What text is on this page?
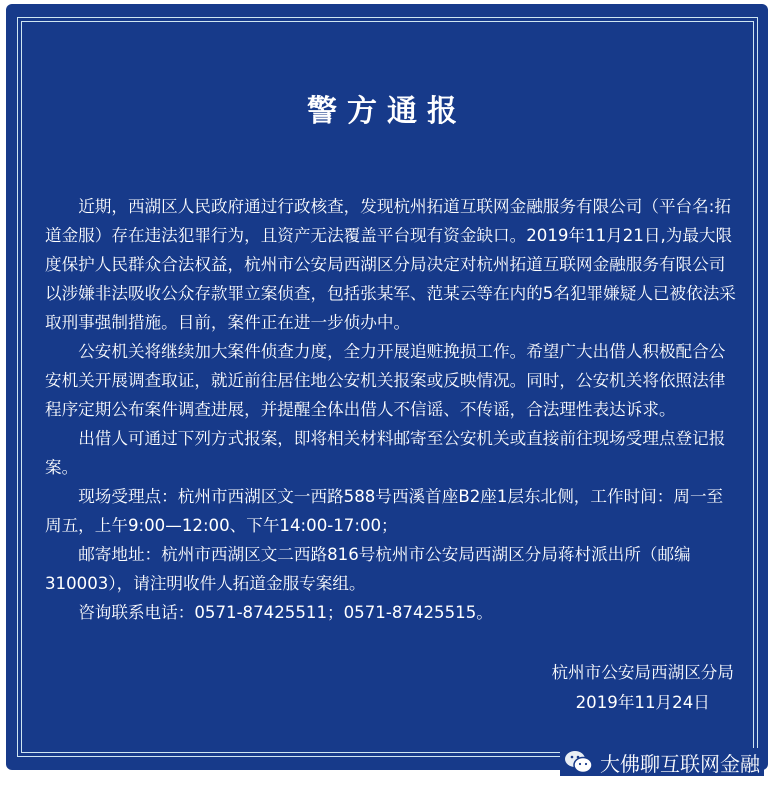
警方通报

近期，西湖区人民政府通过行政核查，发现杭州拓道互联网金融服务有限公司（平台名:拓道金服）存在违法犯罪行为，且资产无法覆盖平台现有资金缺口。2019年11月21日,为最大限度保护人民群众合法权益，杭州市公安局西湖区分局决定对杭州拓道互联网金融服务有限公司以涉嫌非法吸收公众存款罪立案侦查，包括张某军、范某云等在内的5名犯罪嫌疑人已被依法采取刑事强制措施。目前，案件正在进一步侦办中。

公安机关将继续加大案件侦查力度，全力开展追赃挽损工作。希望广大出借人积极配合公安机关开展调查取证，就近前往居住地公安机关报案或反映情况。同时，公安机关将依照法律程序定期公布案件调查进展，并提醒全体出借人不信谣、不传谣，合法理性表达诉求。

出借人可通过下列方式报案，即将相关材料邮寄至公安机关或直接前往现场受理点登记报案。

现场受理点：杭州市西湖区文一西路588号西溪首座B2座1层东北侧，工作时间：周一至周五，上午9:00—12:00、下午14:00-17:00；

邮寄地址：杭州市西湖区文二西路816号杭州市公安局西湖区分局蒋村派出所（邮编310003），请注明收件人拓道金服专案组。

咨询联系电话：0571-87425511；0571-87425515。

杭州市公安局西湖区分局
2019年11月24日
大佛聊互联网金融
